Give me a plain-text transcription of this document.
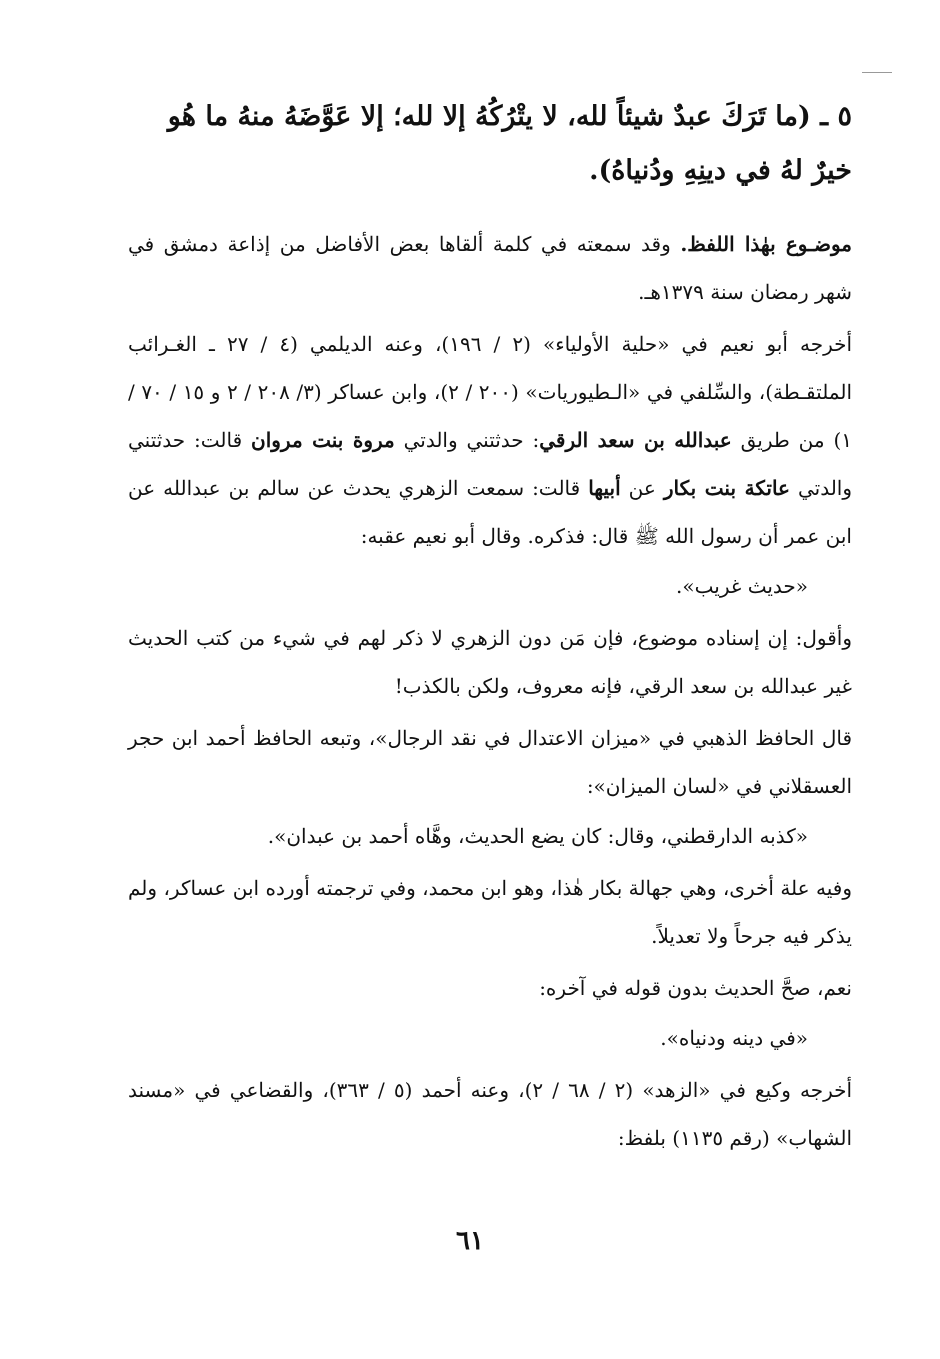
٥ ـ (ما تَرَكَ عبدٌ شيئاً لله، لا يتْرُكُهُ إلا لله؛ إلا عَوَّضَهُ منهُ ما هُو
خيرٌ لهُ في دينِهِ ودُنياهُ).

موضـوع بهٰذا اللفظ. وقد سمعته في كلمة ألقاها بعض الأفاضل من إذاعة دمشق في شهر رمضان سنة ١٣٧٩هـ.

أخرجه أبو نعيم في «حلية الأولياء» (٢ / ١٩٦)، وعنه الديلمي (٤ / ٢٧ ـ الغـرائب الملتقـطة)، والسِّلفي في «الـطيوريات» (٢٠٠ / ٢)، وابن عساكر (٣/ ٢٠٨ / ٢ و ١٥ / ٧٠ / ١) من طريق عبدالله بن سعد الرقي: حدثتني والدتي مروة بنت مروان قالت: حدثتني والدتي عاتكة بنت بكار عن أبيها قالت: سمعت الزهري يحدث عن سالم بن عبدالله عن ابن عمر أن رسول الله ﷺ قال: فذكره. وقال أبو نعيم عقبه:

«حديث غريب».

وأقول: إن إسناده موضوع، فإن مَن دون الزهري لا ذكر لهم في شيء من كتب الحديث غير عبدالله بن سعد الرقي، فإنه معروف، ولكن بالكذب!

قال الحافظ الذهبي في «ميزان الاعتدال في نقد الرجال»، وتبعه الحافظ أحمد ابن حجر العسقلاني في «لسان الميزان»:

«كذبه الدارقطني، وقال: كان يضع الحديث، وهَّاه أحمد بن عبدان».

وفيه علة أخرى، وهي جهالة بكار هٰذا، وهو ابن محمد، وفي ترجمته أورده ابن عساكر، ولم يذكر فيه جرحاً ولا تعديلاً.

نعم، صحَّ الحديث بدون قوله في آخره:

«في دينه ودنياه».

أخرجه وكيع في «الزهد» (٢ / ٦٨ / ٢)، وعنه أحمد (٥ / ٣٦٣)، والقضاعي في «مسند الشهاب» (رقم ١١٣٥) بلفظ:

٦١
